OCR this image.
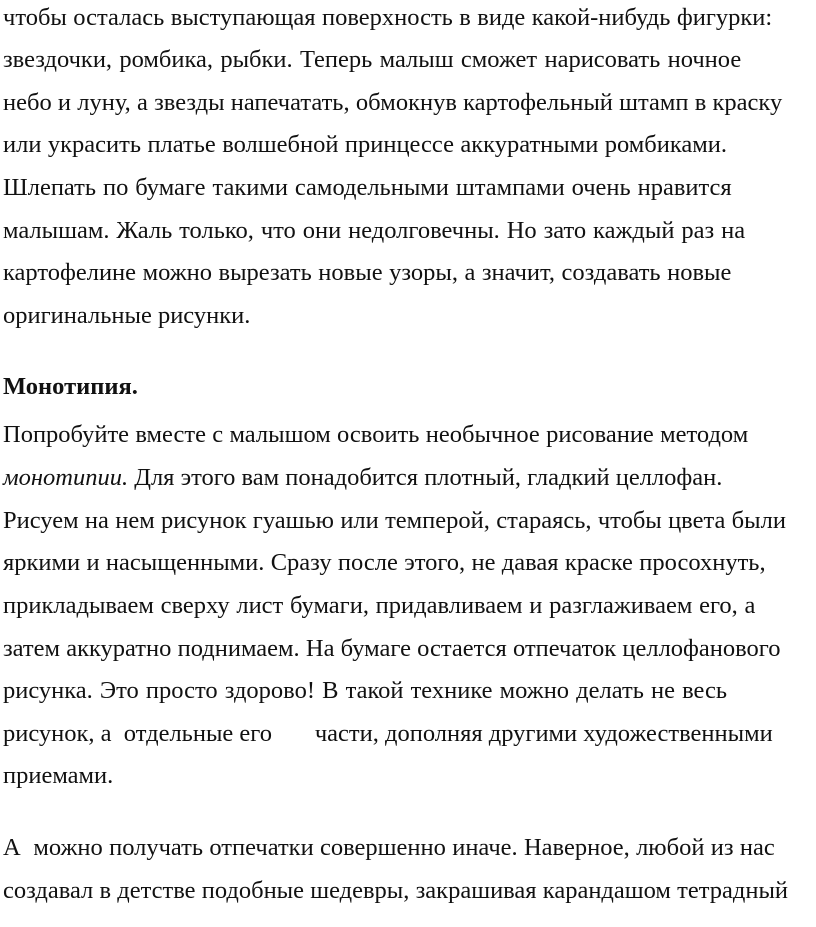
чтобы осталась выступающая поверхность в виде какой-нибудь фигурки:
звездочки, ромбика, рыбки. Теперь малыш сможет нарисовать ночное
небо и луну, а звезды напечатать, обмокнув картофельный штамп в краску
или украсить платье волшебной принцессе аккуратными ромбиками.
Шлепать по бумаге такими самодельными штампами очень нравится
малышам. Жаль только, что они недолговечны. Но зато каждый раз на
картофелине можно вырезать новые узоры, а значит, создавать новые
оригинальные рисунки.
Монотипия.
Попробуйте вместе с малышом освоить необычное рисование методом
монотипии. Для этого вам понадобится плотный, гладкий целлофан.
Рисуем на нем рисунок гуашью или темперой, стараясь, чтобы цвета были
яркими и насыщенными. Сразу после этого, не давая краске просохнуть,
прикладываем сверху лист бумаги, придавливаем и разглаживаем его, а
затем аккуратно поднимаем. На бумаге остается отпечаток целлофанового
рисунка. Это просто здорово! В такой технике можно делать не весь
рисунок, а  отдельные его       части, дополняя другими художественными
приемами.
А  можно получать отпечатки совершенно иначе. Наверное, любой из нас
создавал в детстве подобные шедевры, закрашивая карандашом тетрадный
